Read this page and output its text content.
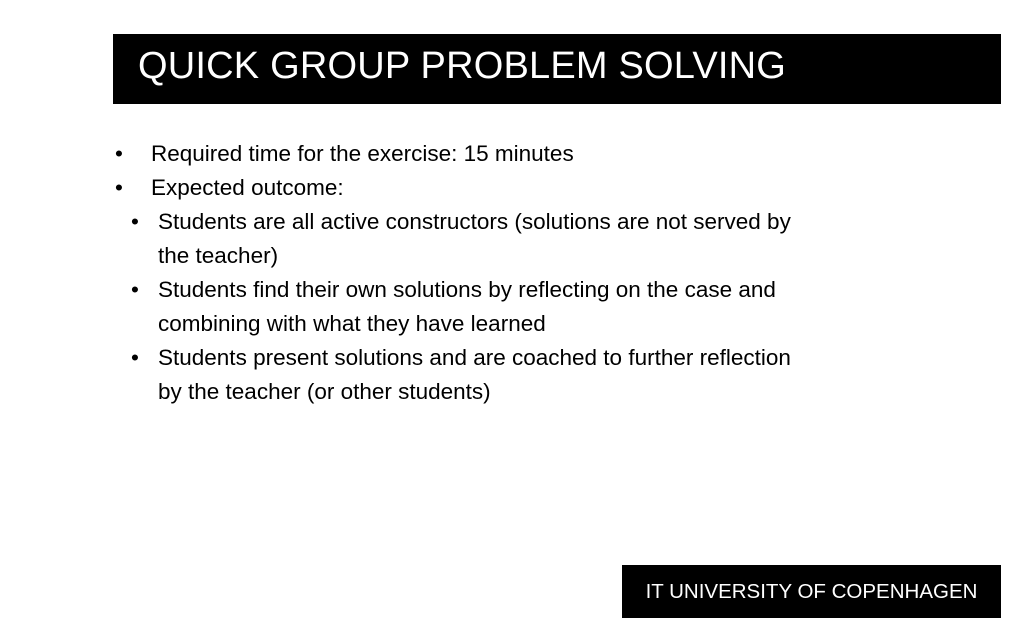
QUICK GROUP PROBLEM SOLVING
• Required time for the exercise: 15 minutes
• Expected outcome:
• Students are all active constructors (solutions are not served by the teacher)
• Students find their own solutions by reflecting on the case and combining with what they have learned
• Students present solutions and are coached to further reflection by the teacher (or other students)
IT UNIVERSITY OF COPENHAGEN
